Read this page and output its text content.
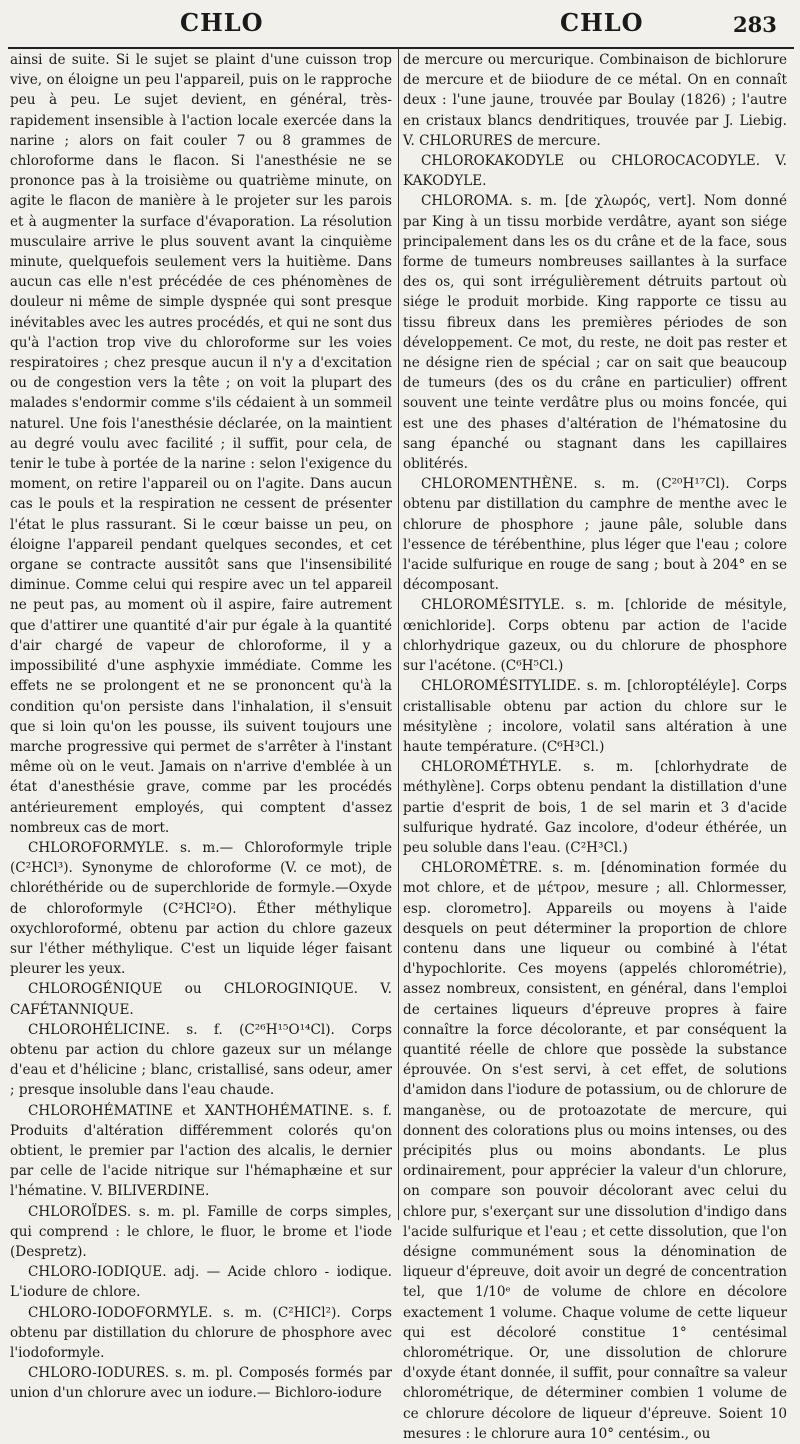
CHLO	CHLO	283

ainsi de suite. Si le sujet se plaint d'une cuisson trop vive, on éloigne un peu l'appareil, puis on le rapproche peu à peu. Le sujet devient, en général, très-rapidement insensible à l'action locale exercée dans la narine ; alors on fait couler 7 ou 8 grammes de chloroforme dans le flacon. Si l'anesthésie ne se prononce pas à la troisième ou quatrième minute, on agite le flacon de manière à le projeter sur les parois et à augmenter la surface d'évaporation. La résolution musculaire arrive le plus souvent avant la cinquième minute, quelquefois seulement vers la huitième. Dans aucun cas elle n'est précédée de ces phénomènes de douleur ni même de simple dyspnée qui sont presque inévitables avec les autres procédés, et qui ne sont dus qu'à l'action trop vive du chloroforme sur les voies respiratoires ; chez presque aucun il n'y a d'excitation ou de congestion vers la tête ; on voit la plupart des malades s'endormir comme s'ils cédaient à un sommeil naturel. Une fois l'anesthésie déclarée, on la maintient au degré voulu avec facilité ; il suffit, pour cela, de tenir le tube à portée de la narine : selon l'exigence du moment, on retire l'appareil ou on l'agite. Dans aucun cas le pouls et la respiration ne cessent de présenter l'état le plus rassurant. Si le cœur baisse un peu, on éloigne l'appareil pendant quelques secondes, et cet organe se contracte aussitôt sans que l'insensibilité diminue. Comme celui qui respire avec un tel appareil ne peut pas, au moment où il aspire, faire autrement que d'attirer une quantité d'air pur égale à la quantité d'air chargé de vapeur de chloroforme, il y a impossibilité d'une asphyxie immédiate. Comme les effets ne se prolongent et ne se prononcent qu'à la condition qu'on persiste dans l'inhalation, il s'ensuit que si loin qu'on les pousse, ils suivent toujours une marche progressive qui permet de s'arrêter à l'instant même où on le veut. Jamais on n'arrive d'emblée à un état d'anesthésie grave, comme par les procédés antérieurement employés, qui comptent d'assez nombreux cas de mort.

CHLOROFORMYLE. s. m.— Chloroformyle triple (C²HCl³). Synonyme de chloroforme (V. ce mot), de chloréthéride ou de superchloride de formyle.—Oxyde de chloroformyle (C²HCl²O). Éther méthylique oxychloroformé, obtenu par action du chlore gazeux sur l'éther méthylique. C'est un liquide léger faisant pleurer les yeux.

CHLOROGÉNIQUE ou CHLOROGINIQUE. V. CAFÉTANNIQUE.

CHLOROHÉLICINE. s. f. (C²⁶H¹⁵O¹⁴Cl). Corps obtenu par action du chlore gazeux sur un mélange d'eau et d'hélicine ; blanc, cristallisé, sans odeur, amer ; presque insoluble dans l'eau chaude.

CHLOROHÉMATINE et XANTHOHÉMATINE. s. f. Produits d'altération différemment colorés qu'on obtient, le premier par l'action des alcalis, le dernier par celle de l'acide nitrique sur l'hémaphæine et sur l'hématine. V. BILIVERDINE.

CHLOROÏDES. s. m. pl. Famille de corps simples, qui comprend : le chlore, le fluor, le brome et l'iode (Despretz).

CHLORO-IODIQUE. adj. — Acide chloro - iodique. L'iodure de chlore.

CHLORO-IODOFORMYLE. s. m. (C²HICl²). Corps obtenu par distillation du chlorure de phosphore avec l'iodoformyle.

CHLORO-IODURES. s. m. pl. Composés formés par union d'un chlorure avec un iodure.— Bichloro-iodure

de mercure ou mercurique. Combinaison de bichlorure de mercure et de biiodure de ce métal. On en connaît deux : l'une jaune, trouvée par Boulay (1826) ; l'autre en cristaux blancs dendritiques, trouvée par J. Liebig. V. CHLORURES de mercure.

CHLOROKAKODYLE ou CHLOROCACODYLE. V. KAKODYLE.

CHLOROMA. s. m. [de χλωρός, vert]. Nom donné par King à un tissu morbide verdâtre, ayant son siége principalement dans les os du crâne et de la face, sous forme de tumeurs nombreuses saillantes à la surface des os, qui sont irrégulièrement détruits partout où siége le produit morbide. King rapporte ce tissu au tissu fibreux dans les premières périodes de son développement. Ce mot, du reste, ne doit pas rester et ne désigne rien de spécial ; car on sait que beaucoup de tumeurs (des os du crâne en particulier) offrent souvent une teinte verdâtre plus ou moins foncée, qui est une des phases d'altération de l'hématosine du sang épanché ou stagnant dans les capillaires oblitérés.

CHLOROMENTHÈNE. s. m. (C²⁰H¹⁷Cl). Corps obtenu par distillation du camphre de menthe avec le chlorure de phosphore ; jaune pâle, soluble dans l'essence de térébenthine, plus léger que l'eau ; colore l'acide sulfurique en rouge de sang ; bout à 204° en se décomposant.

CHLOROMÉSITYLE. s. m. [chloride de mésityle, œnichloride]. Corps obtenu par action de l'acide chlorhydrique gazeux, ou du chlorure de phosphore sur l'acétone. (C⁶H⁵Cl.)

CHLOROMÉSITYLIDE. s. m. [chloroptéléyle]. Corps cristallisable obtenu par action du chlore sur le mésitylène ; incolore, volatil sans altération à une haute température. (C⁶H³Cl.)

CHLOROMÉTHYLE. s. m. [chlorhydrate de méthylène]. Corps obtenu pendant la distillation d'une partie d'esprit de bois, 1 de sel marin et 3 d'acide sulfurique hydraté. Gaz incolore, d'odeur éthérée, un peu soluble dans l'eau. (C²H³Cl.)

CHLOROMÈTRE. s. m. [dénomination formée du mot chlore, et de μέτρον, mesure ; all. Chlormesser, esp. clorometro]. Appareils ou moyens à l'aide desquels on peut déterminer la proportion de chlore contenu dans une liqueur ou combiné à l'état d'hypochlorite. Ces moyens (appelés chlorométrie), assez nombreux, consistent, en général, dans l'emploi de certaines liqueurs d'épreuve propres à faire connaître la force décolorante, et par conséquent la quantité réelle de chlore que possède la substance éprouvée. On s'est servi, à cet effet, de solutions d'amidon dans l'iodure de potassium, ou de chlorure de manganèse, ou de protoazotate de mercure, qui donnent des colorations plus ou moins intenses, ou des précipités plus ou moins abondants. Le plus ordinairement, pour apprécier la valeur d'un chlorure, on compare son pouvoir décolorant avec celui du chlore pur, s'exerçant sur une dissolution d'indigo dans l'acide sulfurique et l'eau ; et cette dissolution, que l'on désigne communément sous la dénomination de liqueur d'épreuve, doit avoir un degré de concentration tel, que 1/10ᵉ de volume de chlore en décolore exactement 1 volume. Chaque volume de cette liqueur qui est décoloré constitue 1° centésimal chlorométrique. Or, une dissolution de chlorure d'oxyde étant donnée, il suffit, pour connaître sa valeur chlorométrique, de déterminer combien 1 volume de ce chlorure décolore de liqueur d'épreuve. Soient 10 mesures : le chlorure aura 10° centésim., ou
